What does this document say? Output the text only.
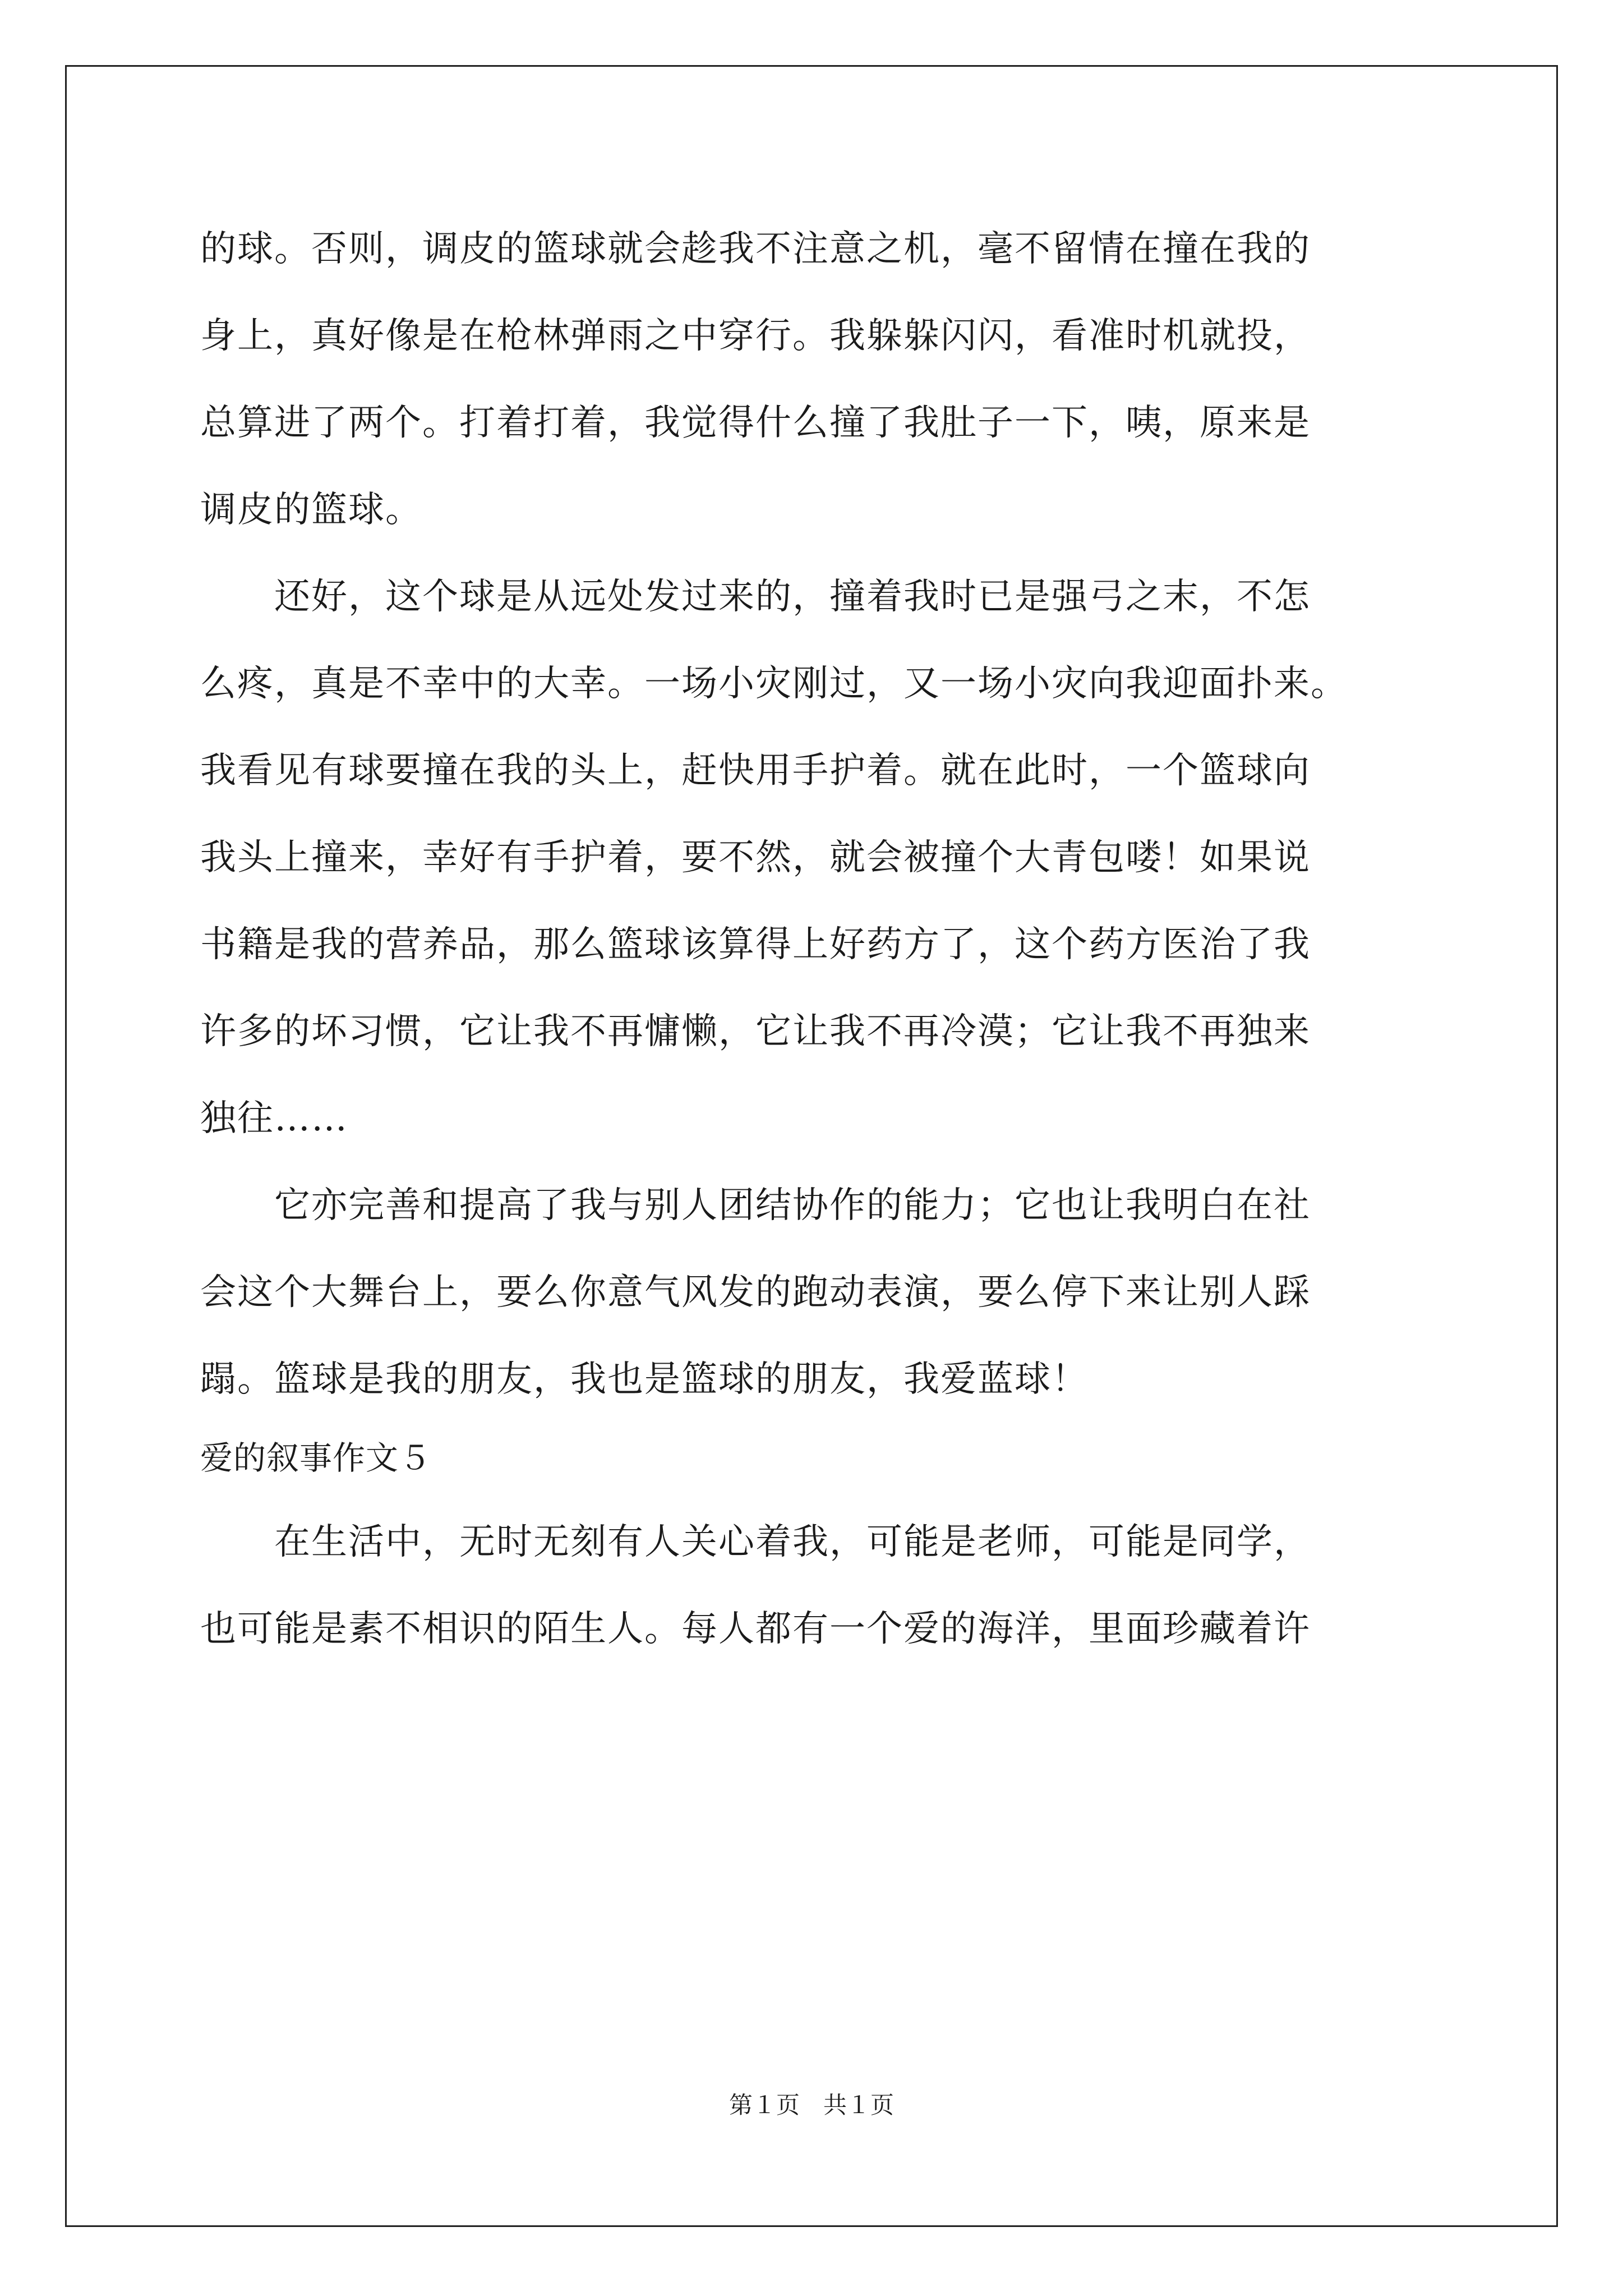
的球。否则，调皮的篮球就会趁我不注意之机，毫不留情在撞在我的
身上，真好像是在枪林弹雨之中穿行。我躲躲闪闪，看准时机就投，
总算进了两个。打着打着，我觉得什么撞了我肚子一下，咦，原来是
调皮的篮球。
　　还好，这个球是从远处发过来的，撞着我时已是强弓之末，不怎
么疼，真是不幸中的大幸。一场小灾刚过，又一场小灾向我迎面扑来。
我看见有球要撞在我的头上，赶快用手护着。就在此时，一个篮球向
我头上撞来，幸好有手护着，要不然，就会被撞个大青包喽！如果说
书籍是我的营养品，那么篮球该算得上好药方了，这个药方医治了我
许多的坏习惯，它让我不再慵懒，它让我不再冷漠；它让我不再独来
独往……
　　它亦完善和提高了我与别人团结协作的能力；它也让我明白在社
会这个大舞台上，要么你意气风发的跑动表演，要么停下来让别人踩
蹋。篮球是我的朋友，我也是篮球的朋友，我爱蓝球！
爱的叙事作文５
　　在生活中，无时无刻有人关心着我，可能是老师，可能是同学，
也可能是素不相识的陌生人。每人都有一个爱的海洋，里面珍藏着许
第１页　共１页
